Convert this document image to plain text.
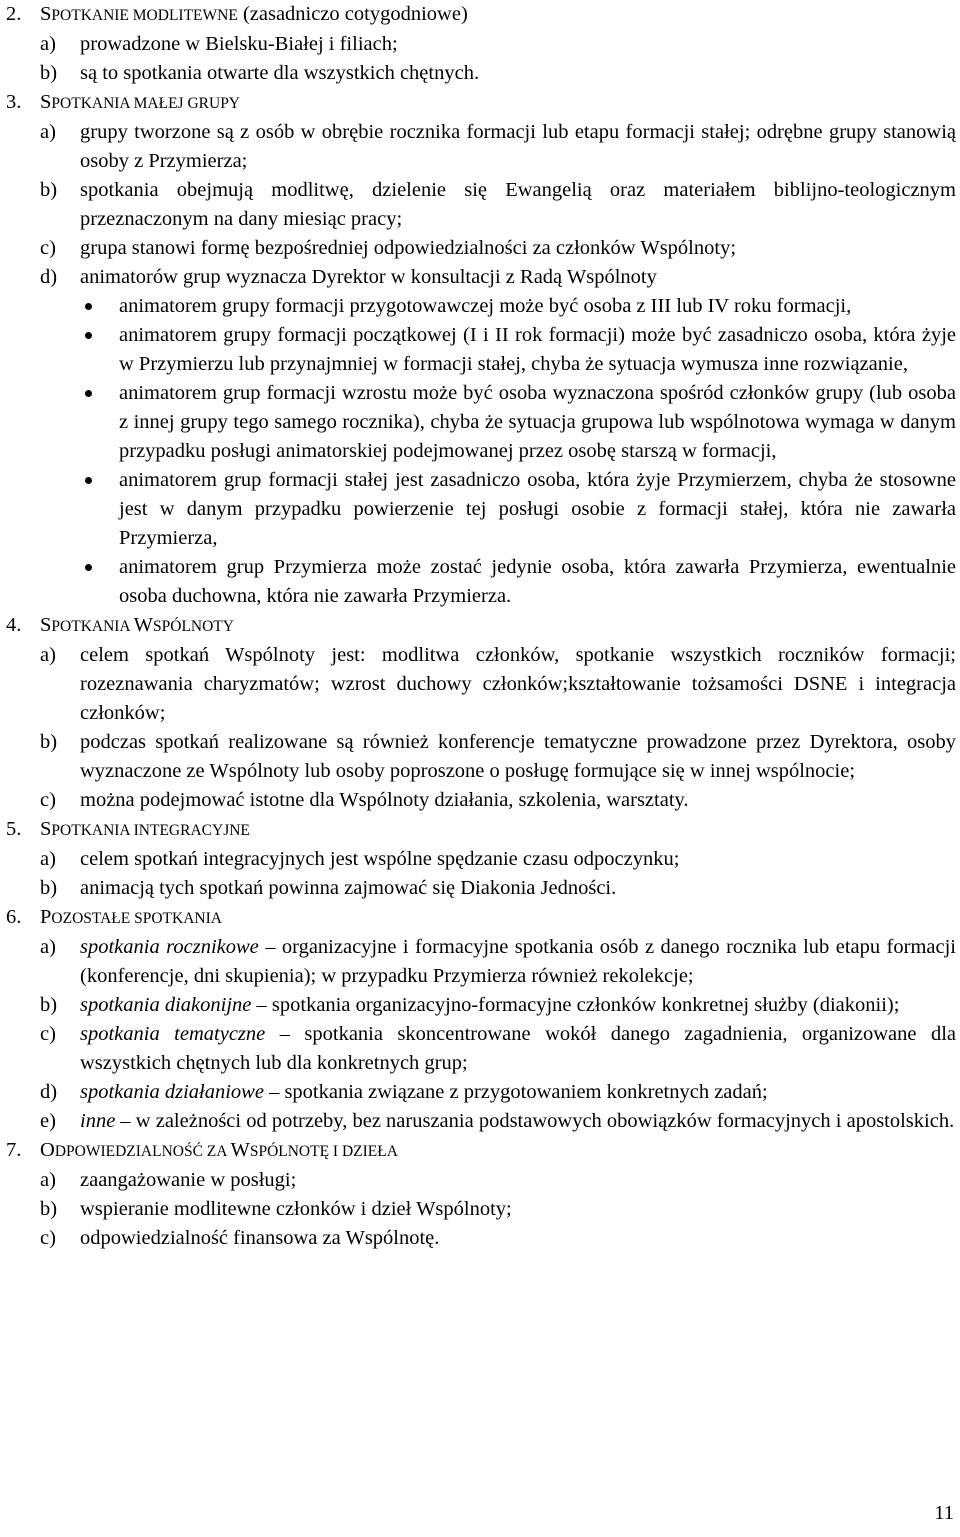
2. SPOTKANIE MODLITEWNE (zasadniczo cotygodniowe)
a) prowadzone w Bielsku-Białej i filiach;
b) są to spotkania otwarte dla wszystkich chętnych.
3. SPOTKANIA MAŁEJ GRUPY
a) grupy tworzone są z osób w obrębie rocznika formacji lub etapu formacji stałej; odrębne grupy stanowią osoby z Przymierza;
b) spotkania obejmują modlitwę, dzielenie się Ewangelią oraz materiałem biblijno-teologicznym przeznaczonym na dany miesiąc pracy;
c) grupa stanowi formę bezpośredniej odpowiedzialności za członków Wspólnoty;
d) animatorów grup wyznacza Dyrektor w konsultacji z Radą Wspólnoty
animatorem grupy formacji przygotowawczej może być osoba z III lub IV roku formacji,
animatorem grupy formacji początkowej (I i II rok formacji) może być zasadniczo osoba, która żyje w Przymierzu lub przynajmniej w formacji stałej, chyba że sytuacja wymusza inne rozwiązanie,
animatorem grup formacji wzrostu może być osoba wyznaczona spośród członków grupy (lub osoba z innej grupy tego samego rocznika), chyba że sytuacja grupowa lub wspólnotowa wymaga w danym przypadku posługi animatorskiej podejmowanej przez osobę starszą w formacji,
animatorem grup formacji stałej jest zasadniczo osoba, która żyje Przymierzem, chyba że stosowne jest w danym przypadku powierzenie tej posługi osobie z formacji stałej, która nie zawarła Przymierza,
animatorem grup Przymierza może zostać jedynie osoba, która zawarła Przymierza, ewentualnie osoba duchowna, która nie zawarła Przymierza.
4. SPOTKANIA WSPÓLNOTY
a) celem spotkań Wspólnoty jest: modlitwa członków, spotkanie wszystkich roczników formacji; rozeznawania charyzmatów; wzrost duchowy członków;kształtowanie tożsamości DSNE i integracja członków;
b) podczas spotkań realizowane są również konferencje tematyczne prowadzone przez Dyrektora, osoby wyznaczone ze Wspólnoty lub osoby poproszone o posługę formujące się w innej wspólnocie;
c) można podejmować istotne dla Wspólnoty działania, szkolenia, warsztaty.
5. SPOTKANIA INTEGRACYJNE
a) celem spotkań integracyjnych jest wspólne spędzanie czasu odpoczynku;
b) animacją tych spotkań powinna zajmować się Diakonia Jedności.
6. POZOSTAŁE SPOTKANIA
a) spotkania rocznikowe – organizacyjne i formacyjne spotkania osób z danego rocznika lub etapu formacji (konferencje, dni skupienia); w przypadku Przymierza również rekolekcje;
b) spotkania diakonijne – spotkania organizacyjno-formacyjne członków konkretnej służby (diakonii);
c) spotkania tematyczne – spotkania skoncentrowane wokół danego zagadnienia, organizowane dla wszystkich chętnych lub dla konkretnych grup;
d) spotkania działaniowe – spotkania związane z przygotowaniem konkretnych zadań;
e) inne – w zależności od potrzeby, bez naruszania podstawowych obowiązków formacyjnych i apostolskich.
7. ODPOWIEDZIALNOŚĆ ZA WSPÓLNOTĘ I DZIEŁA
a) zaangażowanie w posługi;
b) wspieranie modlitewne członków i dzieł Wspólnoty;
c) odpowiedzialność finansowa za Wspólnotę.
11
